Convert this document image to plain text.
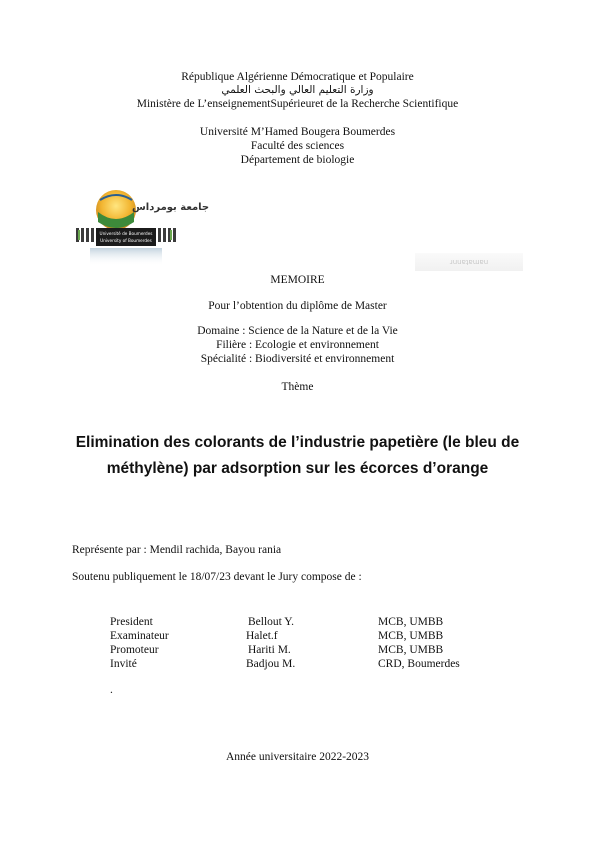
République Algérienne Démocratique et Populaire
وزارة التعليم العالي والبحث العلمي
Ministère de L’enseignementSupérieuret de la Recherche Scientifique
Université M’Hamed Bougera Boumerdes
Faculté des sciences
Département de biologie
جامعة بومرداس
Université de Boumerdes
University of Boumerdes
ɹuuɐʇɐɯɐu
MEMOIRE
Pour l’obtention du diplôme de Master
Domaine : Science de la Nature et de la Vie
Filière : Ecologie et environnement
Spécialité : Biodiversité et environnement
Thème
Elimination des colorants de l’industrie papetière (le bleu de
méthylène) par adsorption sur les écorces d’orange
Représente par : Mendil rachida, Bayou rania
Soutenu publiquement le 18/07/23 devant le Jury compose de :
President	Bellout Y.	MCB, UMBB
Examinateur	Halet.f	MCB, UMBB
Promoteur	Hariti M.	MCB, UMBB
Invité	Badjou M.	CRD, Boumerdes
.
Année universitaire 2022-2023
